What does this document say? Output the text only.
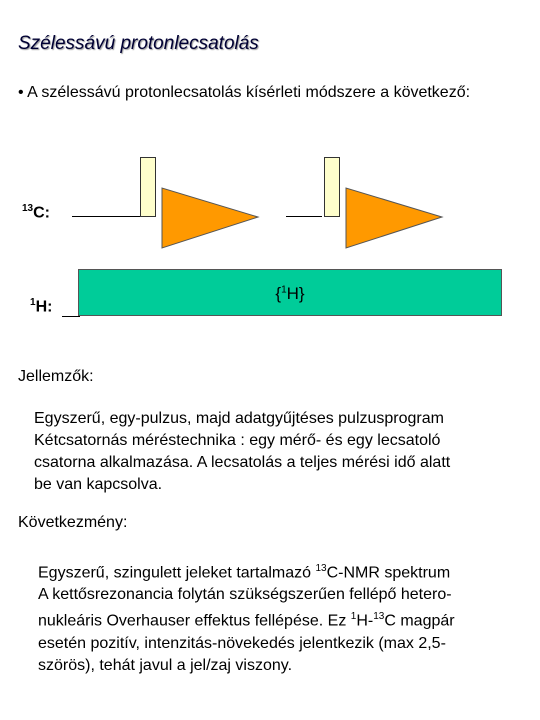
Szélessávú protonlecsatolás
• A szélessávú protonlecsatolás kísérleti módszere a következő:
$^{13}$C:
$^1$H:
{$^1$H}
Jellemzők:
Egyszerű, egy-pulzus, majd adatgyűjtéses pulzusprogram
Kétcsatornás méréstechnika : egy mérő- és egy lecsatoló
csatorna alkalmazása. A lecsatolás a teljes mérési idő alatt
be van kapcsolva.
Következmény:
Egyszerű, szingulett jeleket tartalmazó $^{13}$C-NMR spektrum
A kettősrezonancia folytán szükségszerűen fellépő hetero-
nukleáris Overhauser effektus fellépése. Ez $^1$H-$^{13}$C magpár
esetén pozitív, intenzitás-növekedés jelentkezik (max 2,5-
szörös), tehát javul a jel/zaj viszony.
